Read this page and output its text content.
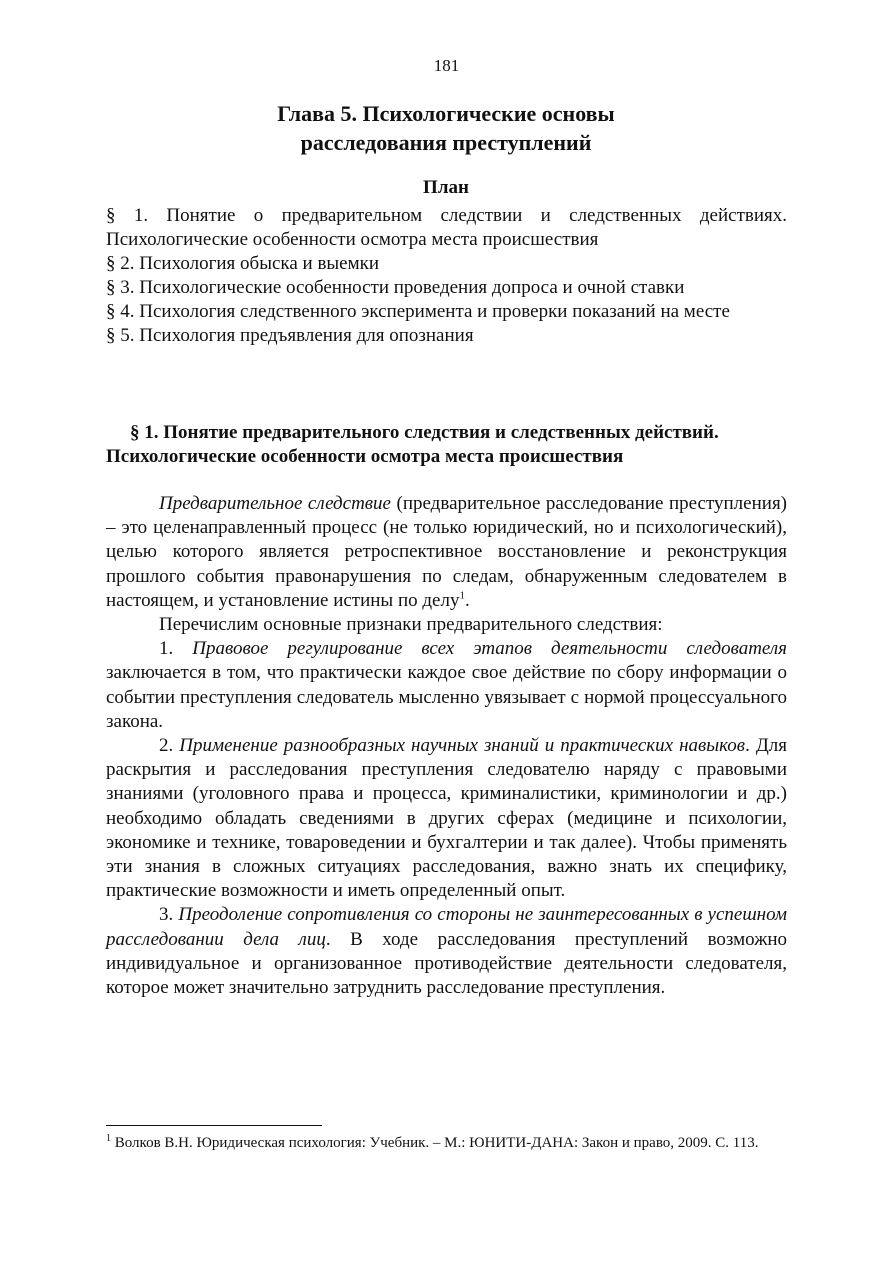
181
Глава 5. Психологические основы
расследования преступлений
План

§ 1. Понятие о предварительном следствии и следственных действиях. Психологические особенности осмотра места происшествия

§ 2. Психология обыска и выемки

§ 3. Психологические особенности проведения допроса и очной ставки

§ 4. Психология следственного эксперимента и проверки показаний на месте

§ 5. Психология предъявления для опознания

§ 1. Понятие предварительного следствия и следственных действий.
Психологические особенности осмотра места происшествия

Предварительное следствие (предварительное расследование преступления) – это целенаправленный процесс (не только юридический, но и психологический), целью которого является ретроспективное восстановление и реконструкция прошлого события правонарушения по следам, обнаруженным следователем в настоящем, и установление истины по делу$^1$.

Перечислим основные признаки предварительного следствия:

1. Правовое регулирование всех этапов деятельности следователя заключается в том, что практически каждое свое действие по сбору информации о событии преступления следователь мысленно увязывает с нормой процессуального закона.

2. Применение разнообразных научных знаний и практических навыков. Для раскрытия и расследования преступления следователю наряду с правовыми знаниями (уголовного права и процесса, криминалистики, криминологии и др.) необходимо обладать сведениями в других сферах (медицине и психологии, экономике и технике, товароведении и бухгалтерии и так далее). Чтобы применять эти знания в сложных ситуациях расследования, важно знать их специфику, практические возможности и иметь определенный опыт.

3. Преодоление сопротивления со стороны не заинтересованных в успешном расследовании дела лиц. В ходе расследования преступлений возможно индивидуальное и организованное противодействие деятельности следователя, которое может значительно затруднить расследование преступления.

$^1$ Волков В.Н. Юридическая психология: Учебник. – М.: ЮНИТИ-ДАНА: Закон и право, 2009. С. 113.
